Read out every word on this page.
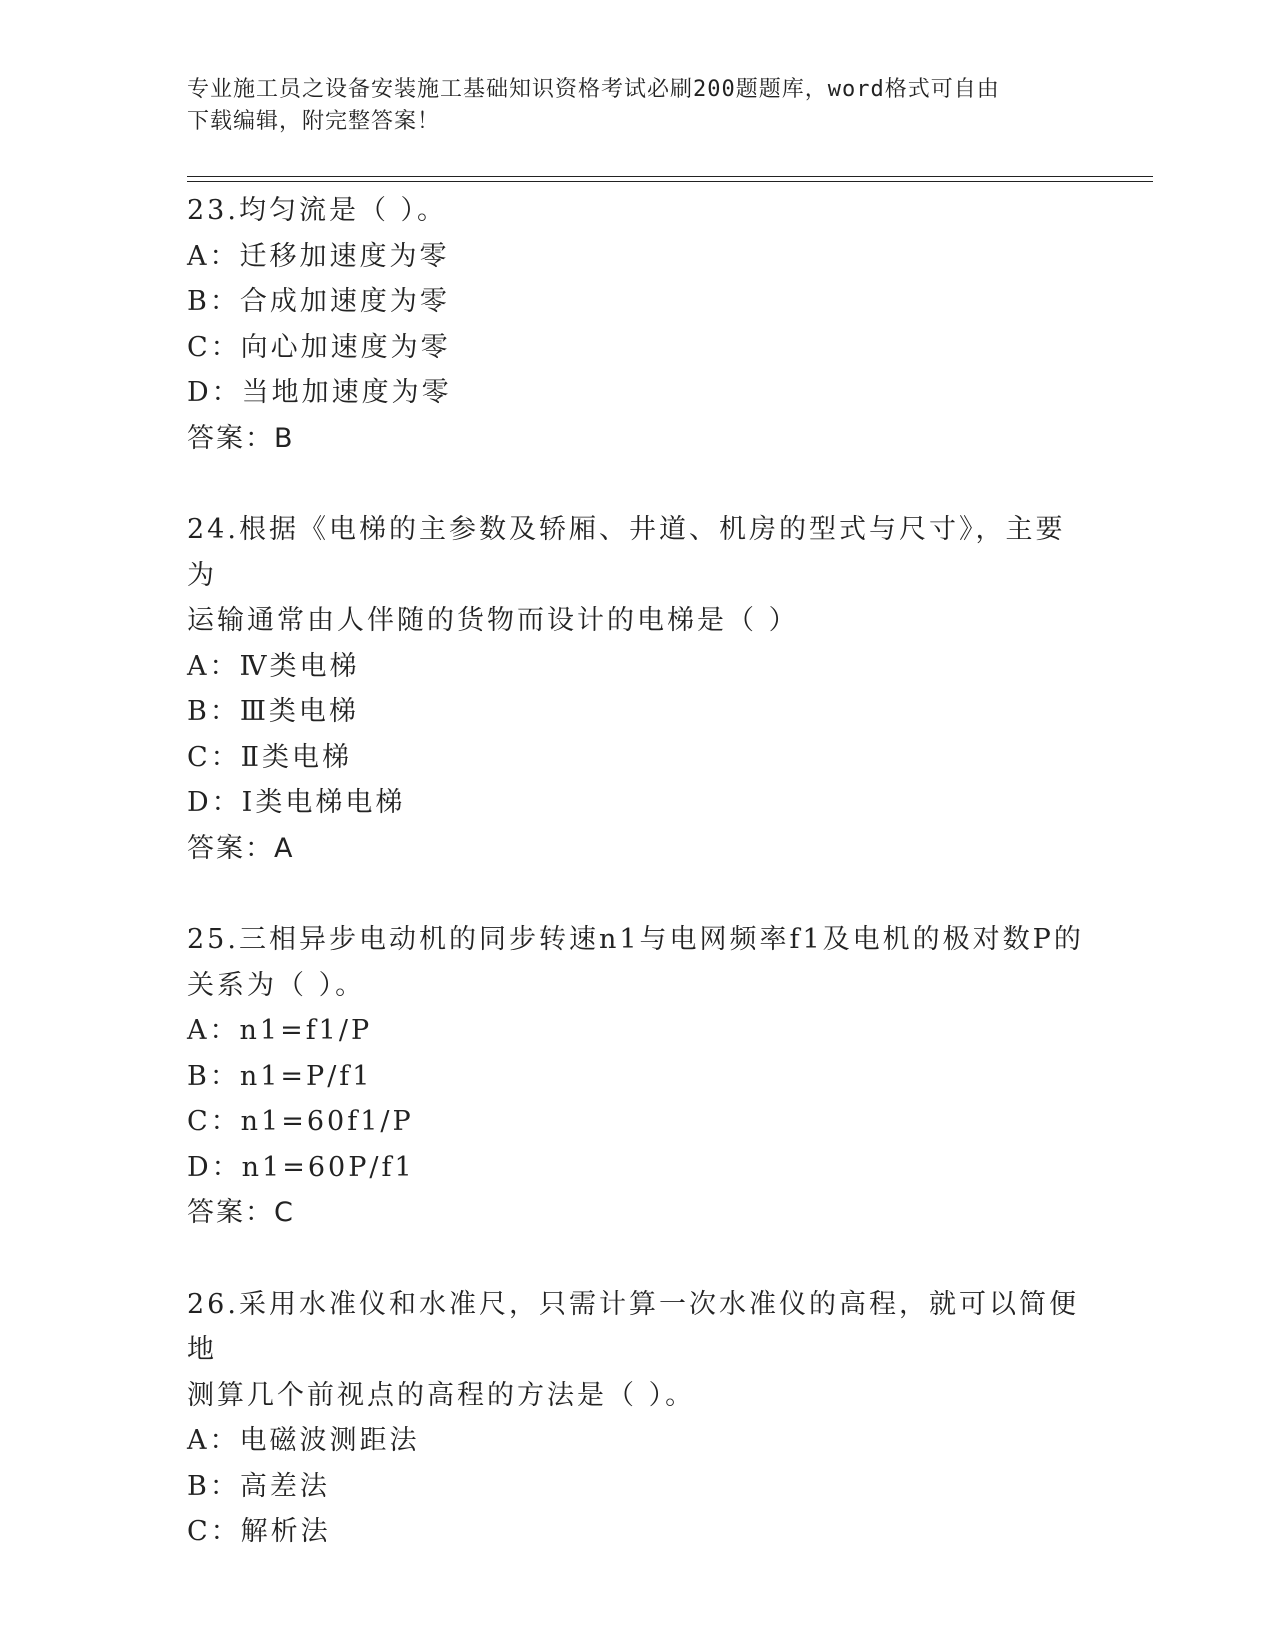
专业施工员之设备安装施工基础知识资格考试必刷200题题库，word格式可自由
下载编辑，附完整答案！
23.均匀流是（ ）。
A：迁移加速度为零
B：合成加速度为零
C：向心加速度为零
D：当地加速度为零
答案：B
24.根据《电梯的主参数及轿厢、井道、机房的型式与尺寸》，主要为
运输通常由人伴随的货物而设计的电梯是（ ）
A：Ⅳ类电梯
B：Ⅲ类电梯
C：Ⅱ类电梯
D：Ⅰ类电梯电梯
答案：A
25.三相异步电动机的同步转速n1与电网频率f1及电机的极对数P的
关系为（ ）。
A：n1=f1/P
B：n1=P/f1
C：n1=60f1/P
D：n1=60P/f1
答案：C
26.采用水准仪和水准尺，只需计算一次水准仪的高程，就可以简便地
测算几个前视点的高程的方法是（ ）。
A：电磁波测距法
B：高差法
C：解析法
